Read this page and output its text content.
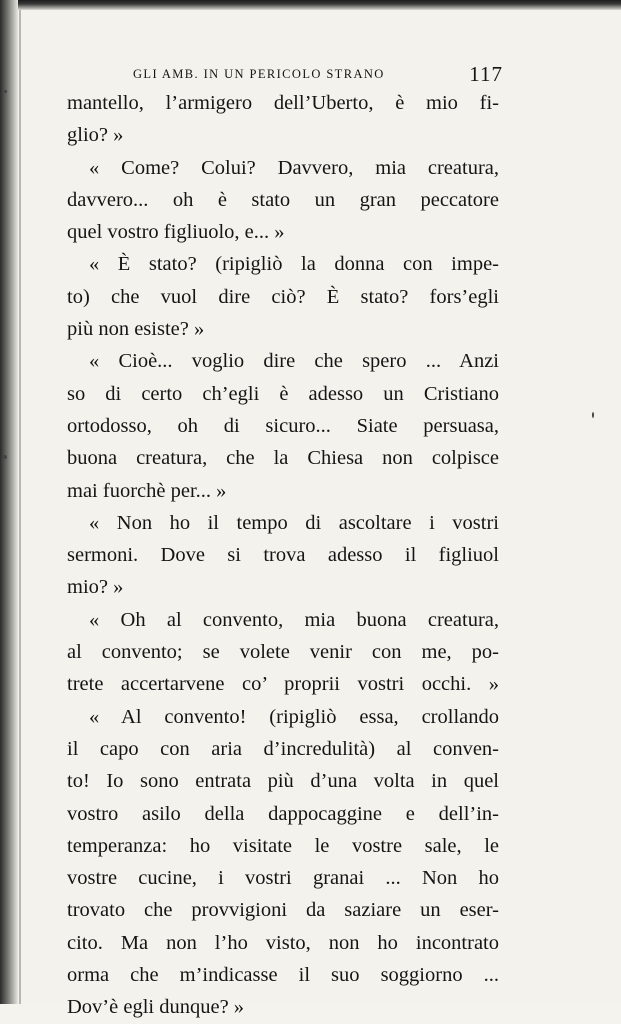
GLI AMB. IN UN PERICOLO STRANO	117
mantello, l’armigero dell’Uberto, è mio fi-
glio? »
« Come? Colui? Davvero, mia creatura,
davvero... oh è stato un gran peccatore
quel vostro figliuolo, e... »
« È stato? (ripigliò la donna con impe-
to) che vuol dire ciò? È stato? fors’egli
più non esiste? »
« Cioè... voglio dire che spero ... Anzi
so di certo ch’egli è adesso un Cristiano
ortodosso, oh di sicuro... Siate persuasa,
buona creatura, che la Chiesa non colpisce
mai fuorchè per... »
« Non ho il tempo di ascoltare i vostri
sermoni. Dove si trova adesso il figliuol
mio? »
« Oh al convento, mia buona creatura,
al convento; se volete venir con me, po-
trete accertarvene co’ proprii vostri occhi. »
« Al convento! (ripigliò essa, crollando
il capo con aria d’incredulità) al conven-
to! Io sono entrata più d’una volta in quel
vostro asilo della dappocaggine e dell’in-
temperanza: ho visitate le vostre sale, le
vostre cucine, i vostri granai ... Non ho
trovato che provvigioni da saziare un eser-
cito. Ma non l’ho visto, non ho incontrato
orma che m’indicasse il suo soggiorno ...
Dov’è egli dunque? »
